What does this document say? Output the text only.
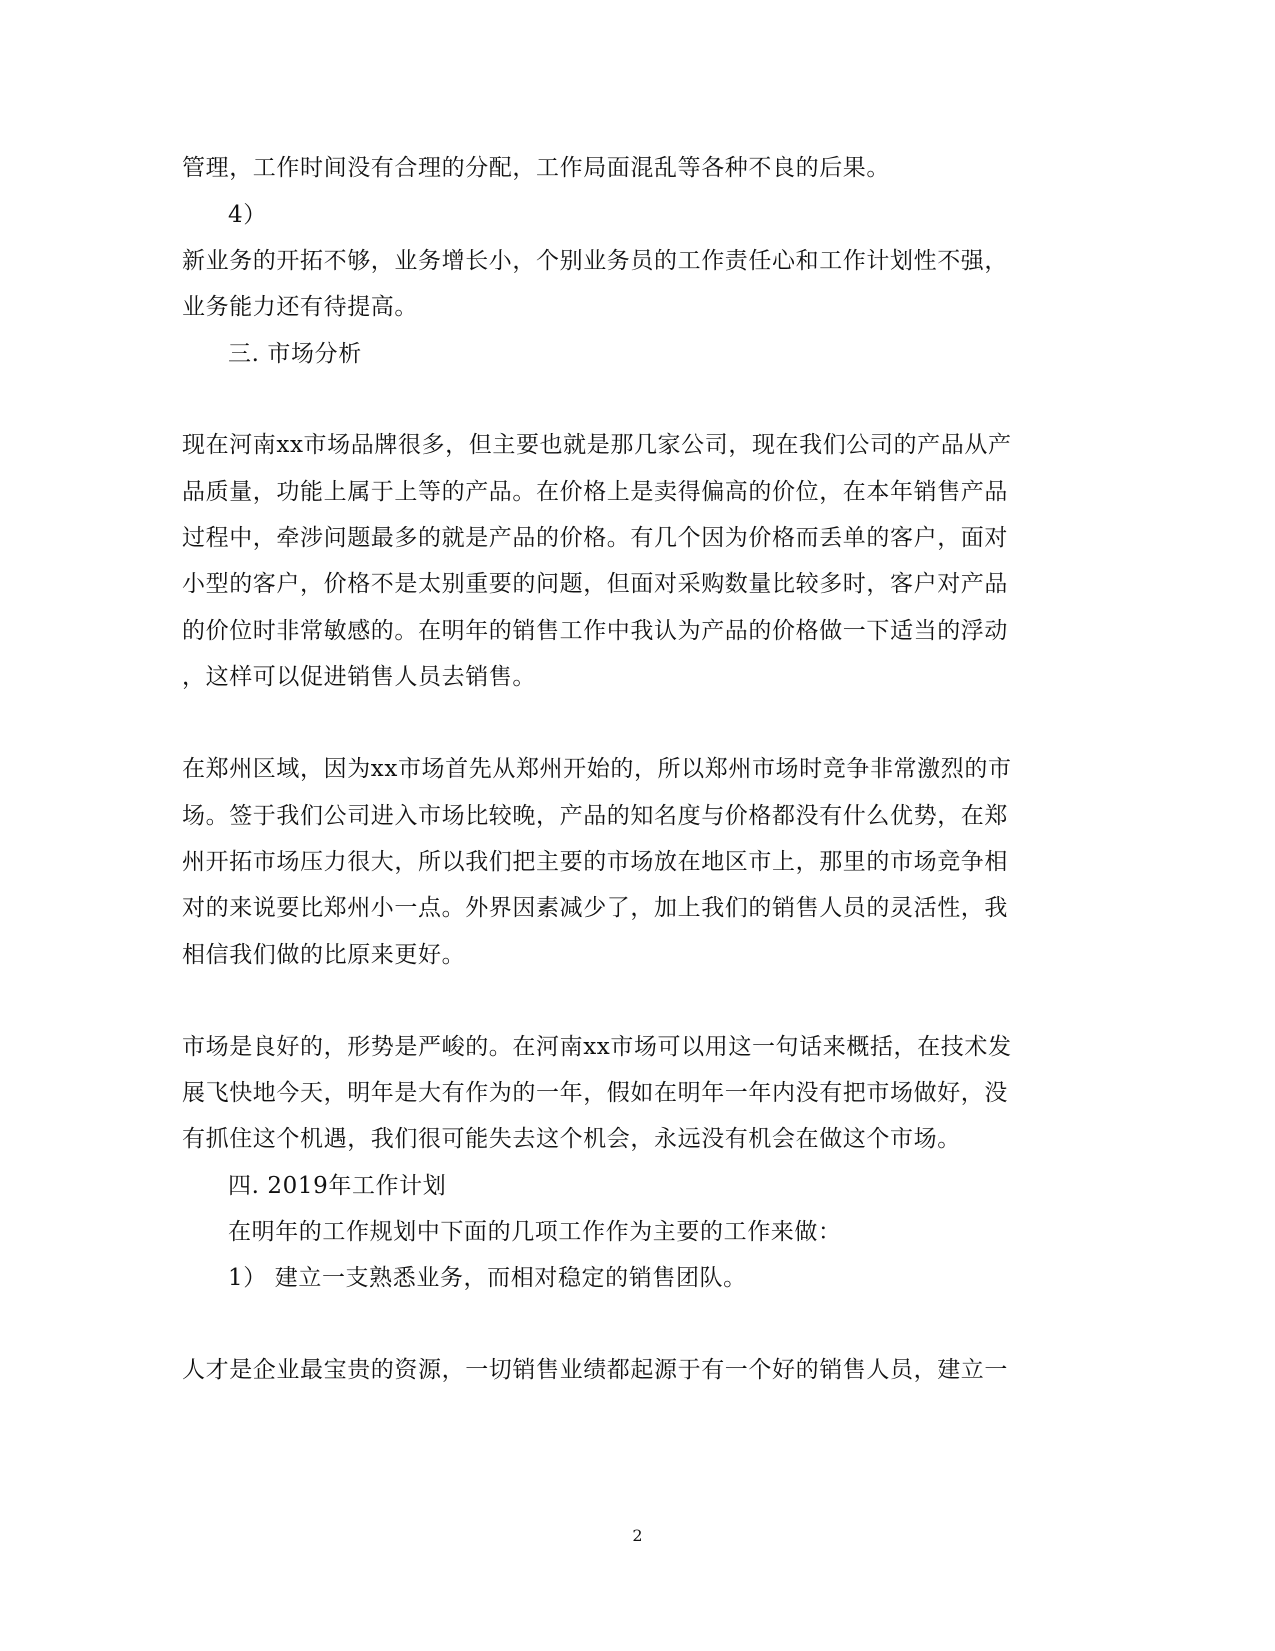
管理，工作时间没有合理的分配，工作局面混乱等各种不良的后果。
4）
新业务的开拓不够，业务增长小，个别业务员的工作责任心和工作计划性不强，
业务能力还有待提高。
三. 市场分析
现在河南xx市场品牌很多，但主要也就是那几家公司，现在我们公司的产品从产
品质量，功能上属于上等的产品。在价格上是卖得偏高的价位，在本年销售产品
过程中，牵涉问题最多的就是产品的价格。有几个因为价格而丢单的客户，面对
小型的客户，价格不是太别重要的问题，但面对采购数量比较多时，客户对产品
的价位时非常敏感的。在明年的销售工作中我认为产品的价格做一下适当的浮动
，这样可以促进销售人员去销售。
在郑州区域，因为xx市场首先从郑州开始的，所以郑州市场时竞争非常激烈的市
场。签于我们公司进入市场比较晚，产品的知名度与价格都没有什么优势，在郑
州开拓市场压力很大，所以我们把主要的市场放在地区市上，那里的市场竞争相
对的来说要比郑州小一点。外界因素减少了，加上我们的销售人员的灵活性，我
相信我们做的比原来更好。
市场是良好的，形势是严峻的。在河南xx市场可以用这一句话来概括，在技术发
展飞快地今天，明年是大有作为的一年，假如在明年一年内没有把市场做好，没
有抓住这个机遇，我们很可能失去这个机会，永远没有机会在做这个市场。
四. 2019年工作计划
在明年的工作规划中下面的几项工作作为主要的工作来做：
1） 建立一支熟悉业务，而相对稳定的销售团队。
人才是企业最宝贵的资源，一切销售业绩都起源于有一个好的销售人员，建立一
2
